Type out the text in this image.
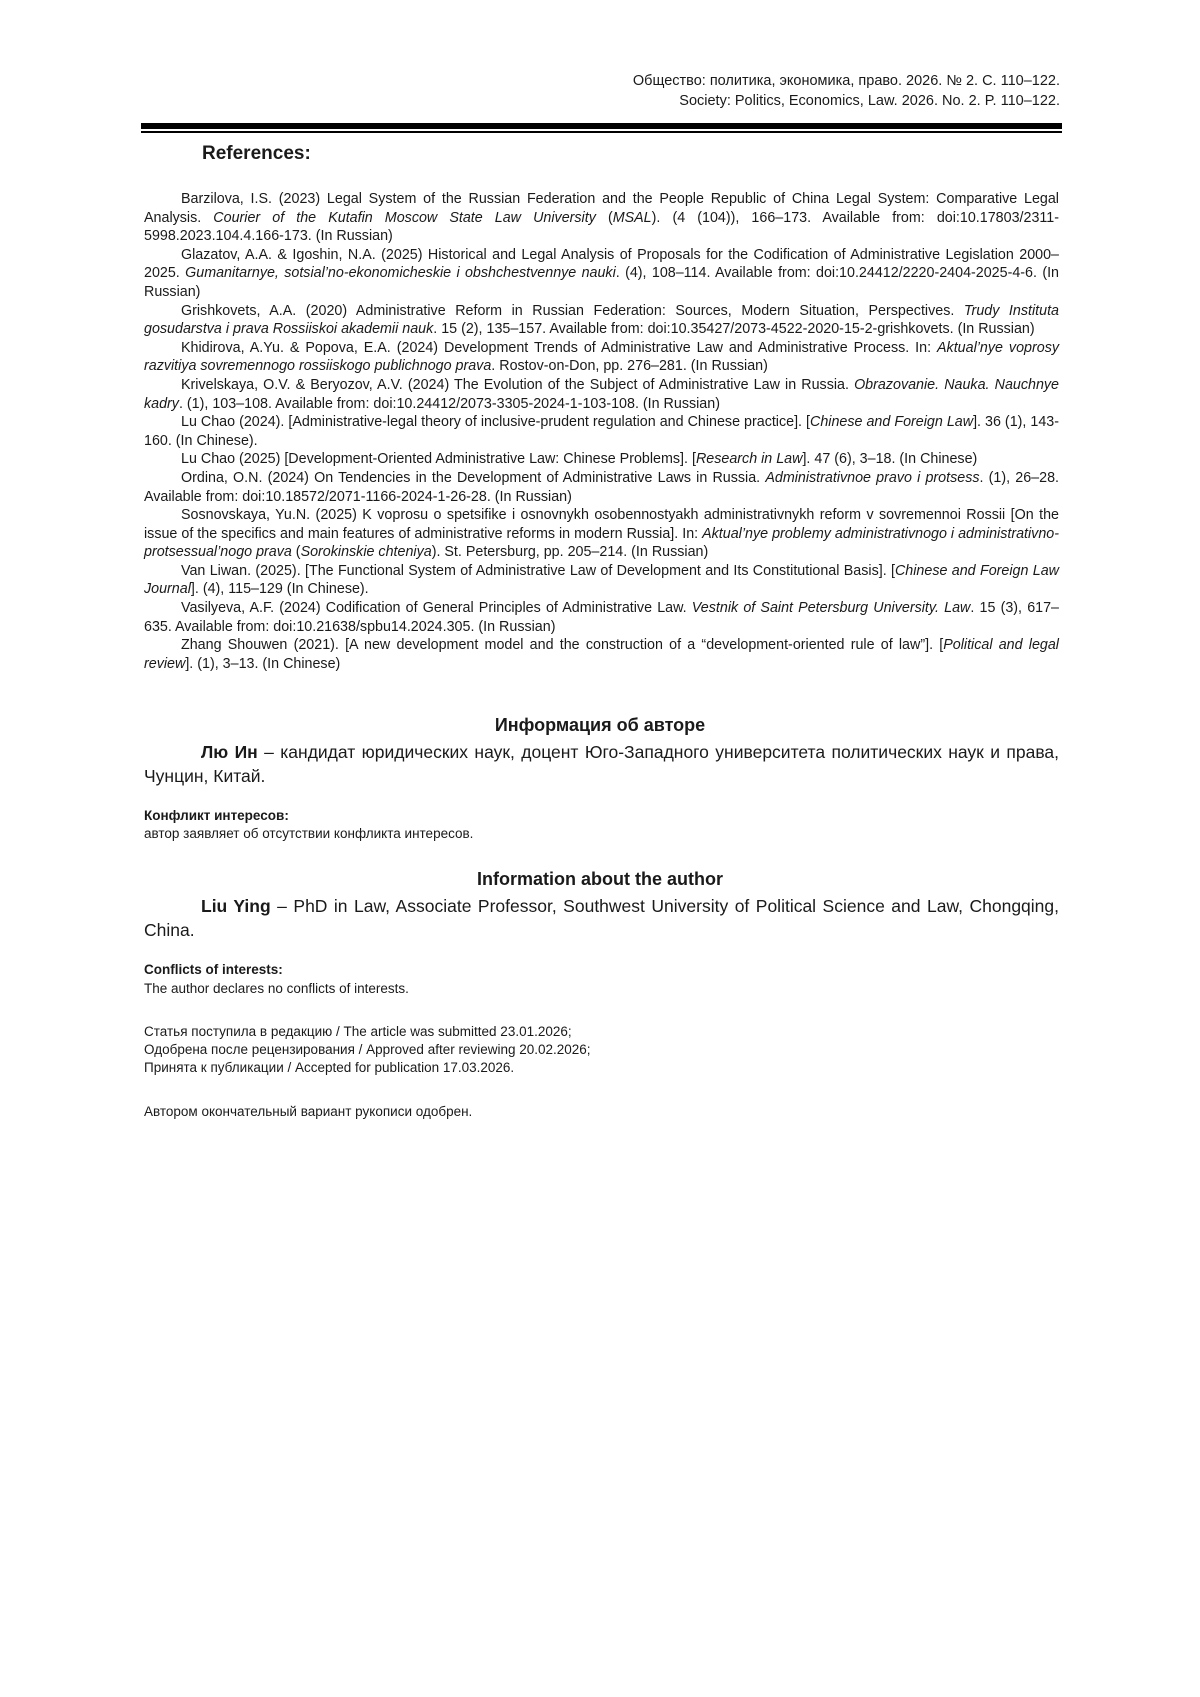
Общество: политика, экономика, право. 2026. № 2. С. 110–122.
Society: Politics, Economics, Law. 2026. No. 2. P. 110–122.
References:

Barzilova, I.S. (2023) Legal System of the Russian Federation and the People Republic of China Legal System: Comparative Legal Analysis. Courier of the Kutafin Moscow State Law University (MSAL). (4 (104)), 166–173. Available from: doi:10.17803/2311-5998.2023.104.4.166-173. (In Russian)

Glazatov, A.A. & Igoshin, N.A. (2025) Historical and Legal Analysis of Proposals for the Codification of Administrative Legislation 2000–2025. Gumanitarnye, sotsial’no-ekonomicheskie i obshchestvennye nauki. (4), 108–114. Available from: doi:10.24412/2220-2404-2025-4-6. (In Russian)

Grishkovets, A.A. (2020) Administrative Reform in Russian Federation: Sources, Modern Situation, Perspectives. Trudy Instituta gosudarstva i prava Rossiiskoi akademii nauk. 15 (2), 135–157. Available from: doi:10.35427/2073-4522-2020-15-2-grishkovets. (In Russian)

Khidirova, A.Yu. & Popova, E.A. (2024) Development Trends of Administrative Law and Administrative Process. In: Aktual’nye voprosy razvitiya sovremennogo rossiiskogo publichnogo prava. Rostov-on-Don, pp. 276–281. (In Russian)

Krivelskaya, O.V. & Beryozov, A.V. (2024) The Evolution of the Subject of Administrative Law in Russia. Obrazovanie. Nauka. Nauchnye kadry. (1), 103–108. Available from: doi:10.24412/2073-3305-2024-1-103-108. (In Russian)

Lu Chao (2024). [Administrative-legal theory of inclusive-prudent regulation and Chinese practice]. [Chinese and Foreign Law]. 36 (1), 143-160. (In Chinese).

Lu Chao (2025) [Development-Oriented Administrative Law: Chinese Problems]. [Research in Law]. 47 (6), 3–18. (In Chinese)

Ordina, O.N. (2024) On Tendencies in the Development of Administrative Laws in Russia. Administrativnoe pravo i protsess. (1), 26–28. Available from: doi:10.18572/2071-1166-2024-1-26-28. (In Russian)

Sosnovskaya, Yu.N. (2025) K voprosu o spetsifike i osnovnykh osobennostyakh administrativnykh reform v sovremennoi Rossii [On the issue of the specifics and main features of administrative reforms in modern Russia]. In: Aktual’nye problemy administrativnogo i administrativno-protsessual’nogo prava (Sorokinskie chteniya). St. Petersburg, pp. 205–214. (In Russian)

Van Liwan. (2025). [The Functional System of Administrative Law of Development and Its Constitutional Basis]. [Chinese and Foreign Law Journal]. (4), 115–129 (In Chinese).

Vasilyeva, A.F. (2024) Codification of General Principles of Administrative Law. Vestnik of Saint Petersburg University. Law. 15 (3), 617–635. Available from: doi:10.21638/spbu14.2024.305. (In Russian)

Zhang Shouwen (2021). [A new development model and the construction of a “development-oriented rule of law”]. [Political and legal review]. (1), 3–13. (In Chinese)

Информация об авторе
Лю Ин – кандидат юридических наук, доцент Юго-Западного университета политических наук и права, Чунцин, Китай.
Конфликт интересов:
автор заявляет об отсутствии конфликта интересов.
Information about the author
Liu Ying – PhD in Law, Associate Professor, Southwest University of Political Science and Law, Chongqing, China.
Conflicts of interests:
The author declares no conflicts of interests.
Статья поступила в редакцию / The article was submitted 23.01.2026;
Одобрена после рецензирования / Approved after reviewing 20.02.2026;
Принята к публикации / Accepted for publication 17.03.2026.
Автором окончательный вариант рукописи одобрен.
